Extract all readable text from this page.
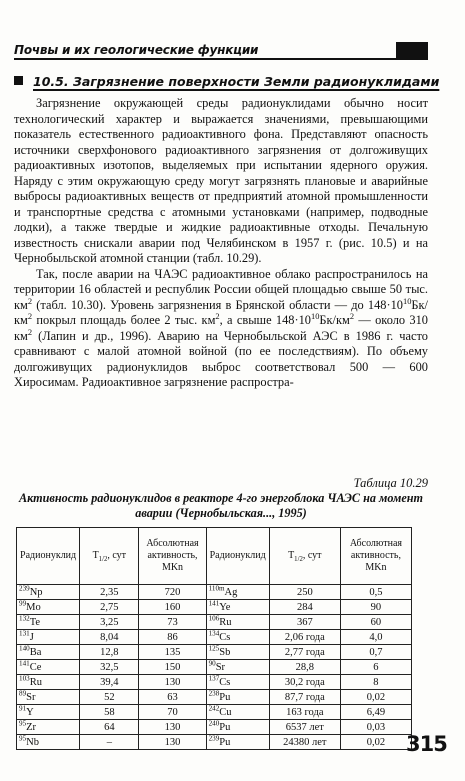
Почвы и их геологические функции
10.5. Загрязнение поверхности Земли радионуклидами

Загрязнение окружающей среды радионуклидами обычно носит технологический характер и выражается значениями, превышающими показатель естественного радиоактивного фона. Представляют опасность источники сверхфонового радиоактивного загрязнения от долгоживущих радиоактивных изотопов, выделяемых при испытании ядерного оружия. Наряду с этим окружающую среду могут загрязнять плановые и аварийные выбросы радиоактивных веществ от предприятий атомной промышленности и транспортные средства с атомными установками (например, подводные лодки), а также твердые и жидкие радиоактивные отходы. Печальную известность снискали аварии под Челябинском в 1957 г. (рис. 10.5) и на Чернобыльской атомной станции (табл. 10.29).

Так, после аварии на ЧАЭС радиоактивное облако распространилось на территории 16 областей и республик России общей площадью свыше 50 тыс. $км^2$ (табл. 10.30). Уровень загрязнения в Брянской области — до $148\cdot 10^{10}Бк/км^2$ покрыл площадь более 2 тыс. $км^2$, а свыше $148\cdot 10^{10}Бк/км^2$ — около 310 $км^2$ (Лапин и др., 1996). Аварию на Чернобыльской АЭС в 1986 г. часто сравнивают с малой атомной войной (по ее последствиям). По объему долгоживущих радионуклидов выброс соответствовал 500 — 600 Хиросимам. Радиоактивное загрязнение распростра-

Таблица 10.29
Активность радионуклидов в реакторе 4-го энергоблока ЧАЭС на момент аварии (Чернобыльская..., 1995)
Радионуклид	$T_{1/2}$, сут	Абсолютная активность, MKn	Радионуклид	$T_{1/2}$, сут	Абсолютная активность, MKn
$^{239}$Np	2,35	720	$^{110m}$Ag	250	0,5
$^{99}$Mo	2,75	160	$^{141}$Ye	284	90
$^{132}$Te	3,25	73	$^{106}$Ru	367	60
$^{131}$J	8,04	86	$^{134}$Cs	2,06 года	4,0
$^{140}$Ba	12,8	135	$^{125}$Sb	2,77 года	0,7
$^{141}$Ce	32,5	150	$^{90}$Sr	28,8	6
$^{103}$Ru	39,4	130	$^{137}$Cs	30,2 года	8
$^{89}$Sr	52	63	$^{238}$Pu	87,7 года	0,02
$^{91}$Y	58	70	$^{242}$Cu	163 года	6,49
$^{95}$Zr	64	130	$^{240}$Pu	6537 лет	0,03
$^{95}$Nb	–	130	$^{239}$Pu	24380 лет	0,02 315
